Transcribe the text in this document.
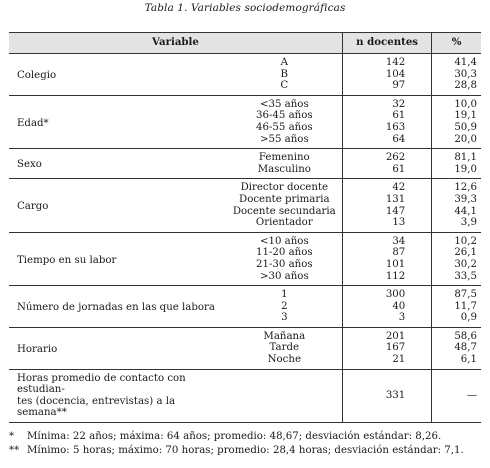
Tabla 1. Variables sociodemográficas
Variable		n docentes	%
Colegio	A	142	41,4
	B	104	30,3
	C	97	28,8
Edad*	<35 años	32	10,0
	36-45 años	61	19,1
	46-55 años	163	50,9
	>55 años	64	20,0
Sexo	Femenino	262	81,1
	Masculino	61	19,0
Cargo	Director docente	42	12,6
	Docente primaria	131	39,3
	Docente secundaria	147	44,1
	Orientador	13	3,9
Tiempo en su labor	<10 años	34	10,2
	11-20 años	87	26,1
	21-30 años	101	30,2
	>30 años	112	33,5
Número de jornadas en las que labora	1	300	87,5
	2	40	11,7
	3	3	0,9
Horario	Mañana	201	58,6
	Tarde	167	48,7
	Noche	21	6,1
Horas promedio de contacto con estudian-
tes (docencia, entrevistas) a la semana**		331	—
* Mínima: 22 años; máxima: 64 años; promedio: 48,67; desviación estándar: 8,26.
** Mínimo: 5 horas; máximo: 70 horas; promedio: 28,4 horas; desviación estándar: 7,1.
